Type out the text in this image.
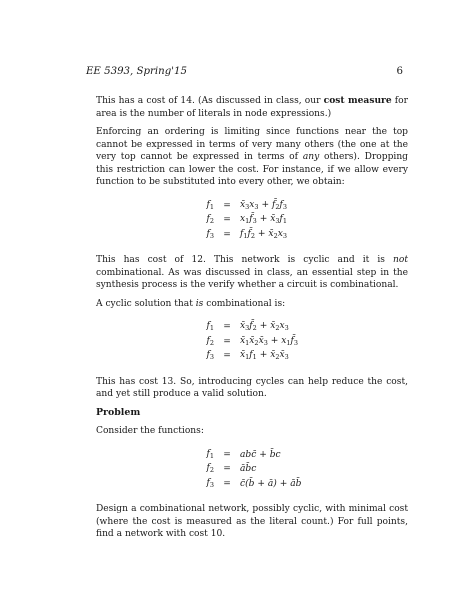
EE 5393, Spring'15	6

This has a cost of 14. (As discussed in class, our cost measure for area is the number of literals in node expressions.)

Enforcing an ordering is limiting since functions near the top cannot be expressed in terms of very many others (the one at the very top cannot be expressed in terms of any others). Dropping this restriction can lower the cost. For instance, if we allow every function to be substituted into every other, we obtain:

$f_1$	=	$x̄_3x_3$ + $f̄_2f_3$
$f_2$	=	$x_1f̄_3$ + $x̄_3f_1$
$f_3$	=	$f_1f̄_2$ + $x̄_2x_3$

This has cost of 12. This network is cyclic and it is not combinational. As was discussed in class, an essential step in the synthesis process is the verify whether a circuit is combinational.

A cyclic solution that is combinational is:

$f_1$	=	$x̄_3f̄_2$ + $x̄_2x_3$
$f_2$	=	$x̄_1x̄_2x̄_3$ + $x_1f̄_3$
$f_3$	=	$x̄_1f_1$ + $x̄_2x̄_3$

This has cost 13. So, introducing cycles can help reduce the cost, and yet still produce a valid solution.

Problem

Consider the functions:

$f_1$	=	abc̄ + b̄c
$f_2$	=	āb̄c
$f_3$	=	c̄(b̄ + ā) + āb̄

Design a combinational network, possibly cyclic, with minimal cost (where the cost is measured as the literal count.) For full points, find a network with cost 10.
